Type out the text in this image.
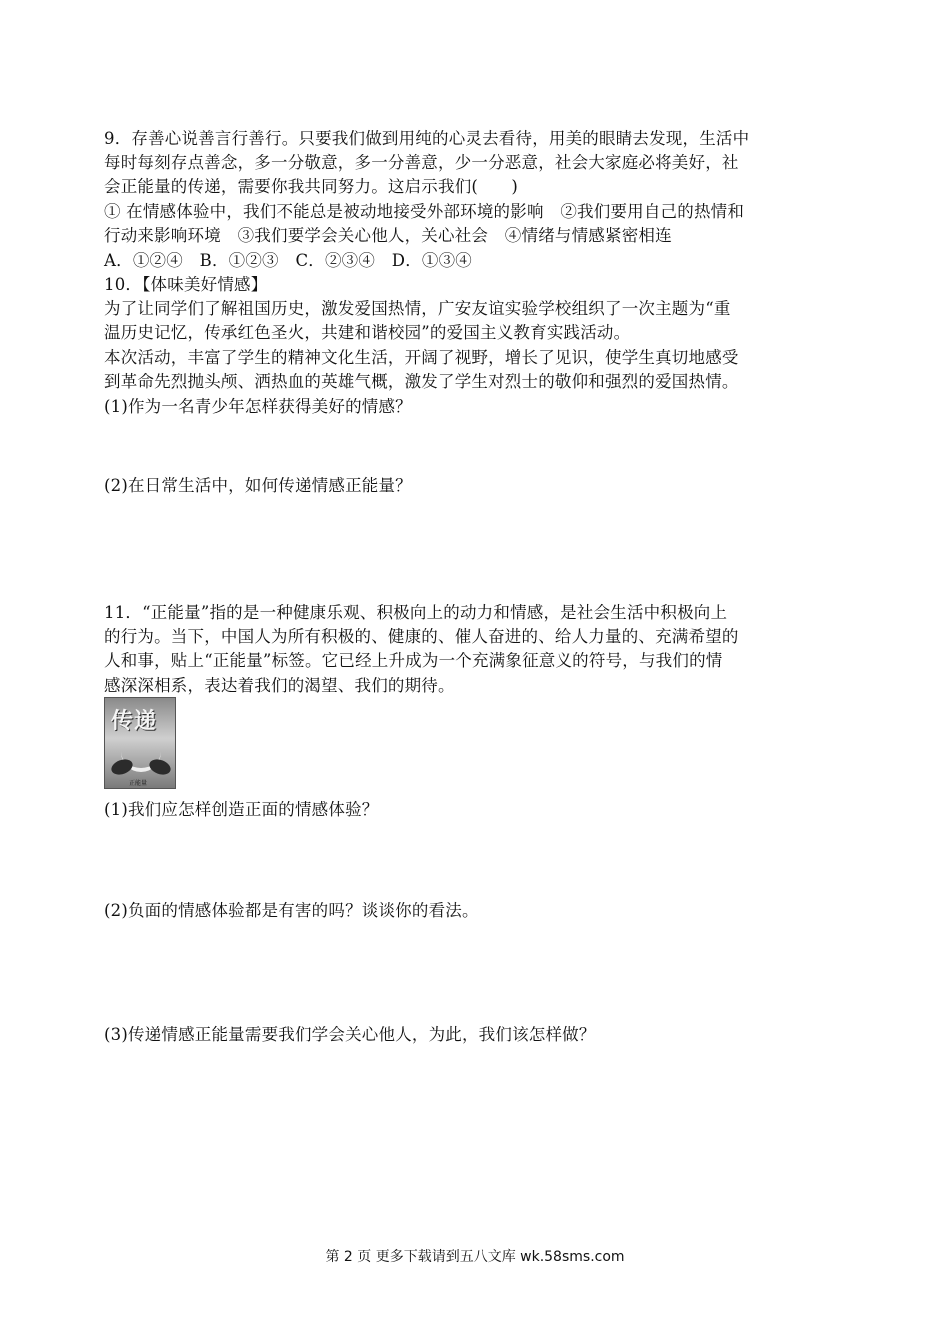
9．存善心说善言行善行。只要我们做到用纯的心灵去看待，用美的眼睛去发现，生活中
每时每刻存点善念，多一分敬意，多一分善意，少一分恶意，社会大家庭必将美好，社
会正能量的传递，需要你我共同努力。这启示我们(　　)
① 在情感体验中，我们不能总是被动地接受外部环境的影响　②我们要用自己的热情和
行动来影响环境　③我们要学会关心他人，关心社会　④情绪与情感紧密相连
A．①②④　B．①②③　C．②③④　D．①③④
10．【体味美好情感】
为了让同学们了解祖国历史，激发爱国热情，广安友谊实验学校组织了一次主题为“重
温历史记忆，传承红色圣火，共建和谐校园”的爱国主义教育实践活动。
本次活动，丰富了学生的精神文化生活，开阔了视野，增长了见识，使学生真切地感受
到革命先烈抛头颅、洒热血的英雄气概，激发了学生对烈士的敬仰和强烈的爱国热情。
(1)作为一名青少年怎样获得美好的情感？
(2)在日常生活中，如何传递情感正能量？
11．“正能量”指的是一种健康乐观、积极向上的动力和情感，是社会生活中积极向上
的行为。当下，中国人为所有积极的、健康的、催人奋进的、给人力量的、充满希望的
人和事，贴上“正能量”标签。它已经上升成为一个充满象征意义的符号，与我们的情
感深深相系，表达着我们的渴望、我们的期待。
传递
正能量
(1)我们应怎样创造正面的情感体验？
(2)负面的情感体验都是有害的吗？谈谈你的看法。
(3)传递情感正能量需要我们学会关心他人，为此，我们该怎样做？
第 2 页 更多下载请到五八文库 wk.58sms.com
